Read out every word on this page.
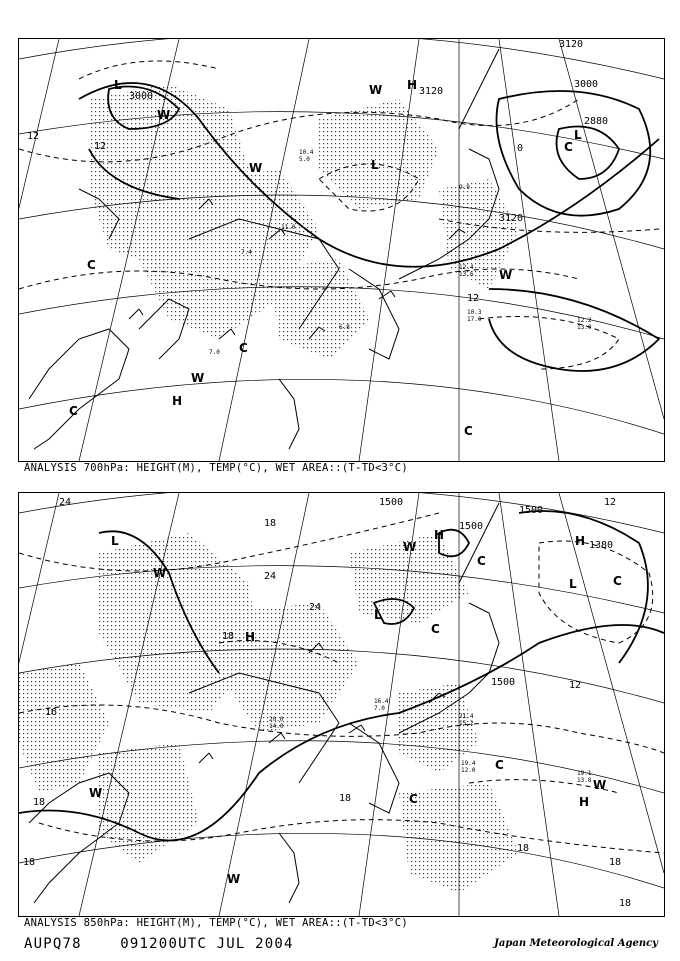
3000	3120
3120
3000
2880
3120
12
12	0
12
L
L
L
H
W
W
W
C
C
C
C
W
W
H
C
10.4
5.0
11.0
7.4
12.4
13.6
10.3
17.0	12.2
13.0
7.0
6.8
9.9
ANALYSIS 700hPa: HEIGHT(M), TEMP(°C), WET AREA::(T-TD<3°C)
1500
1500
1500
1500
1380
24
18
24
24
18
18	18
12
12
18
18
18
16
18
L	H
L
H
H
W
W
W
C
C
C
C
W
H
L	C
W
20.0
14.0
19.4
12.0
16.4
7.0
21.4
15.2
19.1
13.8
ANALYSIS 850hPa: HEIGHT(M), TEMP(°C), WET AREA::(T-TD<3°C)
AUPQ78	091200UTC JUL 2004	Japan Meteorological Agency
